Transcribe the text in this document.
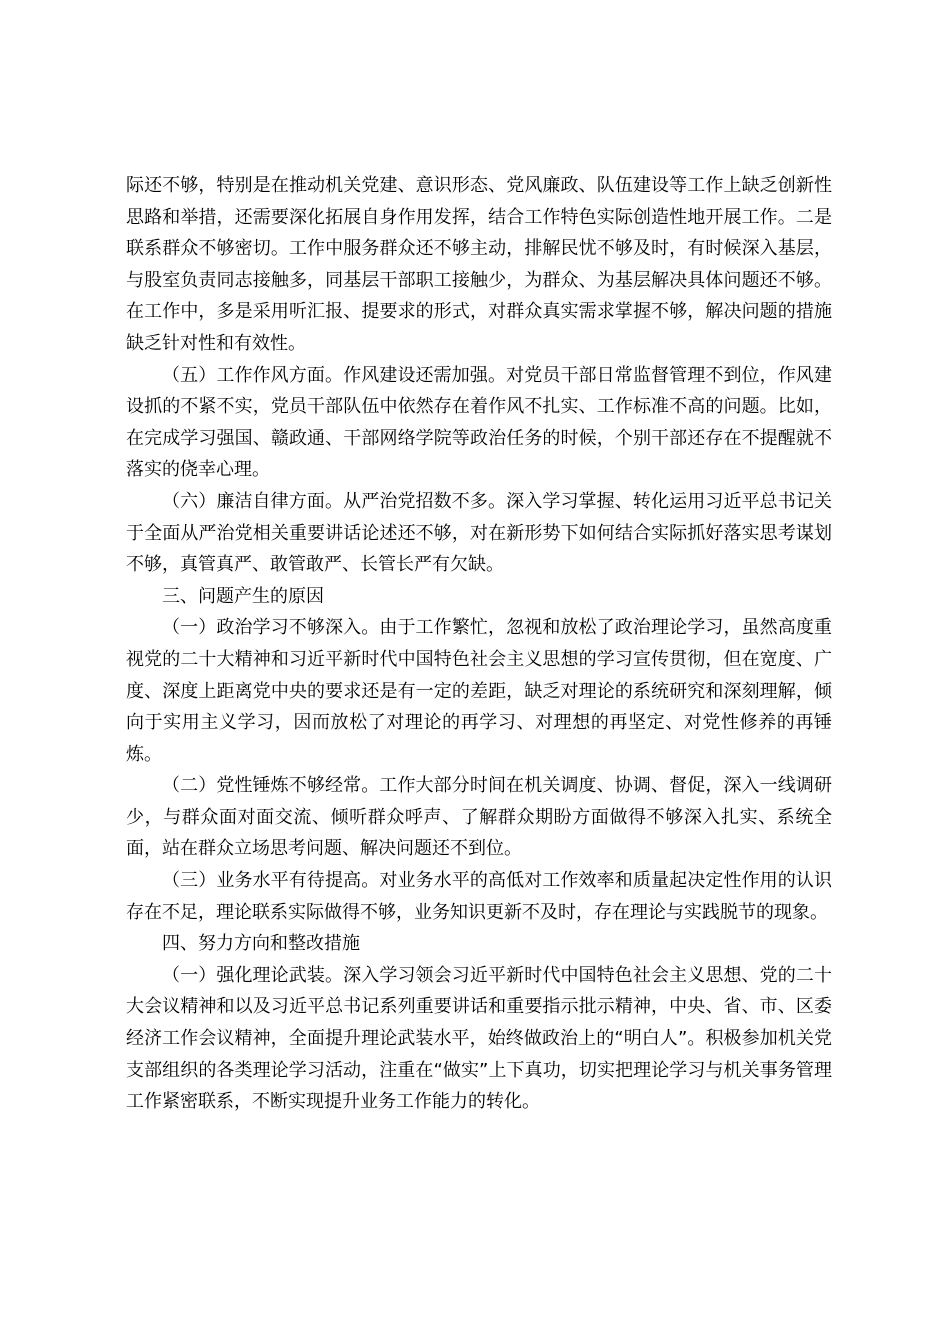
际还不够，特别是在推动机关党建、意识形态、党风廉政、队伍建设等工作上缺乏创新性思路和举措，还需要深化拓展自身作用发挥，结合工作特色实际创造性地开展工作。二是联系群众不够密切。工作中服务群众还不够主动，排解民忧不够及时，有时候深入基层，与股室负责同志接触多，同基层干部职工接触少，为群众、为基层解决具体问题还不够。在工作中，多是采用听汇报、提要求的形式，对群众真实需求掌握不够，解决问题的措施缺乏针对性和有效性。

（五）工作作风方面。作风建设还需加强。对党员干部日常监督管理不到位，作风建设抓的不紧不实，党员干部队伍中依然存在着作风不扎实、工作标准不高的问题。比如，在完成学习强国、赣政通、干部网络学院等政治任务的时候，个别干部还存在不提醒就不落实的侥幸心理。

（六）廉洁自律方面。从严治党招数不多。深入学习掌握、转化运用习近平总书记关于全面从严治党相关重要讲话论述还不够，对在新形势下如何结合实际抓好落实思考谋划不够，真管真严、敢管敢严、长管长严有欠缺。

三、问题产生的原因

（一）政治学习不够深入。由于工作繁忙，忽视和放松了政治理论学习，虽然高度重视党的二十大精神和习近平新时代中国特色社会主义思想的学习宣传贯彻，但在宽度、广度、深度上距离党中央的要求还是有一定的差距，缺乏对理论的系统研究和深刻理解，倾向于实用主义学习，因而放松了对理论的再学习、对理想的再坚定、对党性修养的再锤炼。

（二）党性锤炼不够经常。工作大部分时间在机关调度、协调、督促，深入一线调研少，与群众面对面交流、倾听群众呼声、了解群众期盼方面做得不够深入扎实、系统全面，站在群众立场思考问题、解决问题还不到位。

（三）业务水平有待提高。对业务水平的高低对工作效率和质量起决定性作用的认识存在不足，理论联系实际做得不够，业务知识更新不及时，存在理论与实践脱节的现象。

四、努力方向和整改措施

（一）强化理论武装。深入学习领会习近平新时代中国特色社会主义思想、党的二十大会议精神和以及习近平总书记系列重要讲话和重要指示批示精神，中央、省、市、区委经济工作会议精神，全面提升理论武装水平，始终做政治上的“明白人”。积极参加机关党支部组织的各类理论学习活动，注重在“做实”上下真功，切实把理论学习与机关事务管理工作紧密联系，不断实现提升业务工作能力的转化。
